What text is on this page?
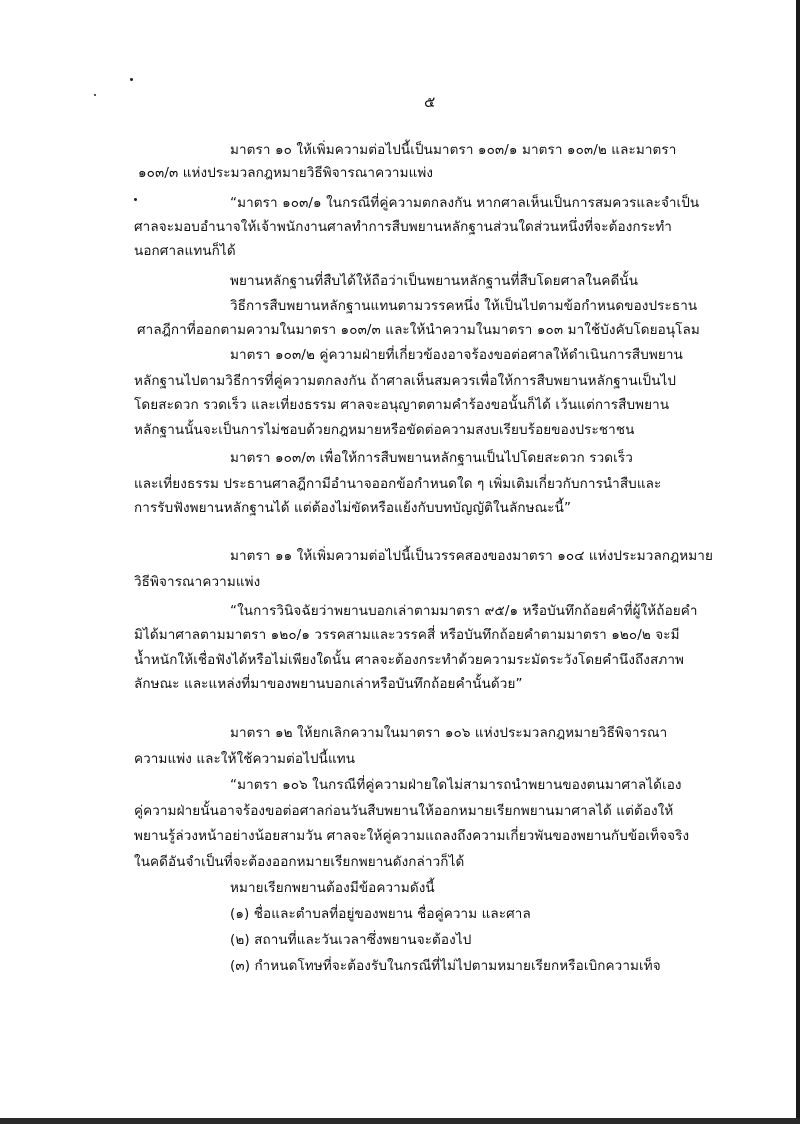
๕
มาตรา ๑๐ ให้เพิ่มความต่อไปนี้เป็นมาตรา ๑๐๓/๑ มาตรา ๑๐๓/๒ และมาตรา
๑๐๓/๓ แห่งประมวลกฎหมายวิธีพิจารณาความแพ่ง
“มาตรา ๑๐๓/๑ ในกรณีที่คู่ความตกลงกัน หากศาลเห็นเป็นการสมควรและจำเป็น
ศาลจะมอบอำนาจให้เจ้าพนักงานศาลทำการสืบพยานหลักฐานส่วนใดส่วนหนึ่งที่จะต้องกระทำ
นอกศาลแทนก็ได้
พยานหลักฐานที่สืบได้ให้ถือว่าเป็นพยานหลักฐานที่สืบโดยศาลในคดีนั้น
วิธีการสืบพยานหลักฐานแทนตามวรรคหนึ่ง ให้เป็นไปตามข้อกำหนดของประธาน
ศาลฎีกาที่ออกตามความในมาตรา ๑๐๓/๓ และให้นำความในมาตรา ๑๐๓ มาใช้บังคับโดยอนุโลม
มาตรา ๑๐๓/๒ คู่ความฝ่ายที่เกี่ยวข้องอาจร้องขอต่อศาลให้ดำเนินการสืบพยาน
หลักฐานไปตามวิธีการที่คู่ความตกลงกัน ถ้าศาลเห็นสมควรเพื่อให้การสืบพยานหลักฐานเป็นไป
โดยสะดวก รวดเร็ว และเที่ยงธรรม ศาลจะอนุญาตตามคำร้องขอนั้นก็ได้ เว้นแต่การสืบพยาน
หลักฐานนั้นจะเป็นการไม่ชอบด้วยกฎหมายหรือขัดต่อความสงบเรียบร้อยของประชาชน
มาตรา ๑๐๓/๓ เพื่อให้การสืบพยานหลักฐานเป็นไปโดยสะดวก รวดเร็ว
และเที่ยงธรรม ประธานศาลฎีกามีอำนาจออกข้อกำหนดใด ๆ เพิ่มเติมเกี่ยวกับการนำสืบและ
การรับฟังพยานหลักฐานได้ แต่ต้องไม่ขัดหรือแย้งกับบทบัญญัติในลักษณะนี้”
มาตรา ๑๑ ให้เพิ่มความต่อไปนี้เป็นวรรคสองของมาตรา ๑๐๔ แห่งประมวลกฎหมาย
วิธีพิจารณาความแพ่ง
“ในการวินิจฉัยว่าพยานบอกเล่าตามมาตรา ๙๕/๑ หรือบันทึกถ้อยคำที่ผู้ให้ถ้อยคำ
มิได้มาศาลตามมาตรา ๑๒๐/๑ วรรคสามและวรรคสี่ หรือบันทึกถ้อยคำตามมาตรา ๑๒๐/๒ จะมี
น้ำหนักให้เชื่อฟังได้หรือไม่เพียงใดนั้น ศาลจะต้องกระทำด้วยความระมัดระวังโดยคำนึงถึงสภาพ
ลักษณะ และแหล่งที่มาของพยานบอกเล่าหรือบันทึกถ้อยคำนั้นด้วย”
มาตรา ๑๒ ให้ยกเลิกความในมาตรา ๑๐๖ แห่งประมวลกฎหมายวิธีพิจารณา
ความแพ่ง และให้ใช้ความต่อไปนี้แทน
“มาตรา ๑๐๖ ในกรณีที่คู่ความฝ่ายใดไม่สามารถนำพยานของตนมาศาลได้เอง
คู่ความฝ่ายนั้นอาจร้องขอต่อศาลก่อนวันสืบพยานให้ออกหมายเรียกพยานมาศาลได้ แต่ต้องให้
พยานรู้ล่วงหน้าอย่างน้อยสามวัน ศาลจะให้คู่ความแถลงถึงความเกี่ยวพันของพยานกับข้อเท็จจริง
ในคดีอันจำเป็นที่จะต้องออกหมายเรียกพยานดังกล่าวก็ได้
หมายเรียกพยานต้องมีข้อความดังนี้
(๑) ชื่อและตำบลที่อยู่ของพยาน ชื่อคู่ความ และศาล
(๒) สถานที่และวันเวลาซึ่งพยานจะต้องไป
(๓) กำหนดโทษที่จะต้องรับในกรณีที่ไม่ไปตามหมายเรียกหรือเบิกความเท็จ
